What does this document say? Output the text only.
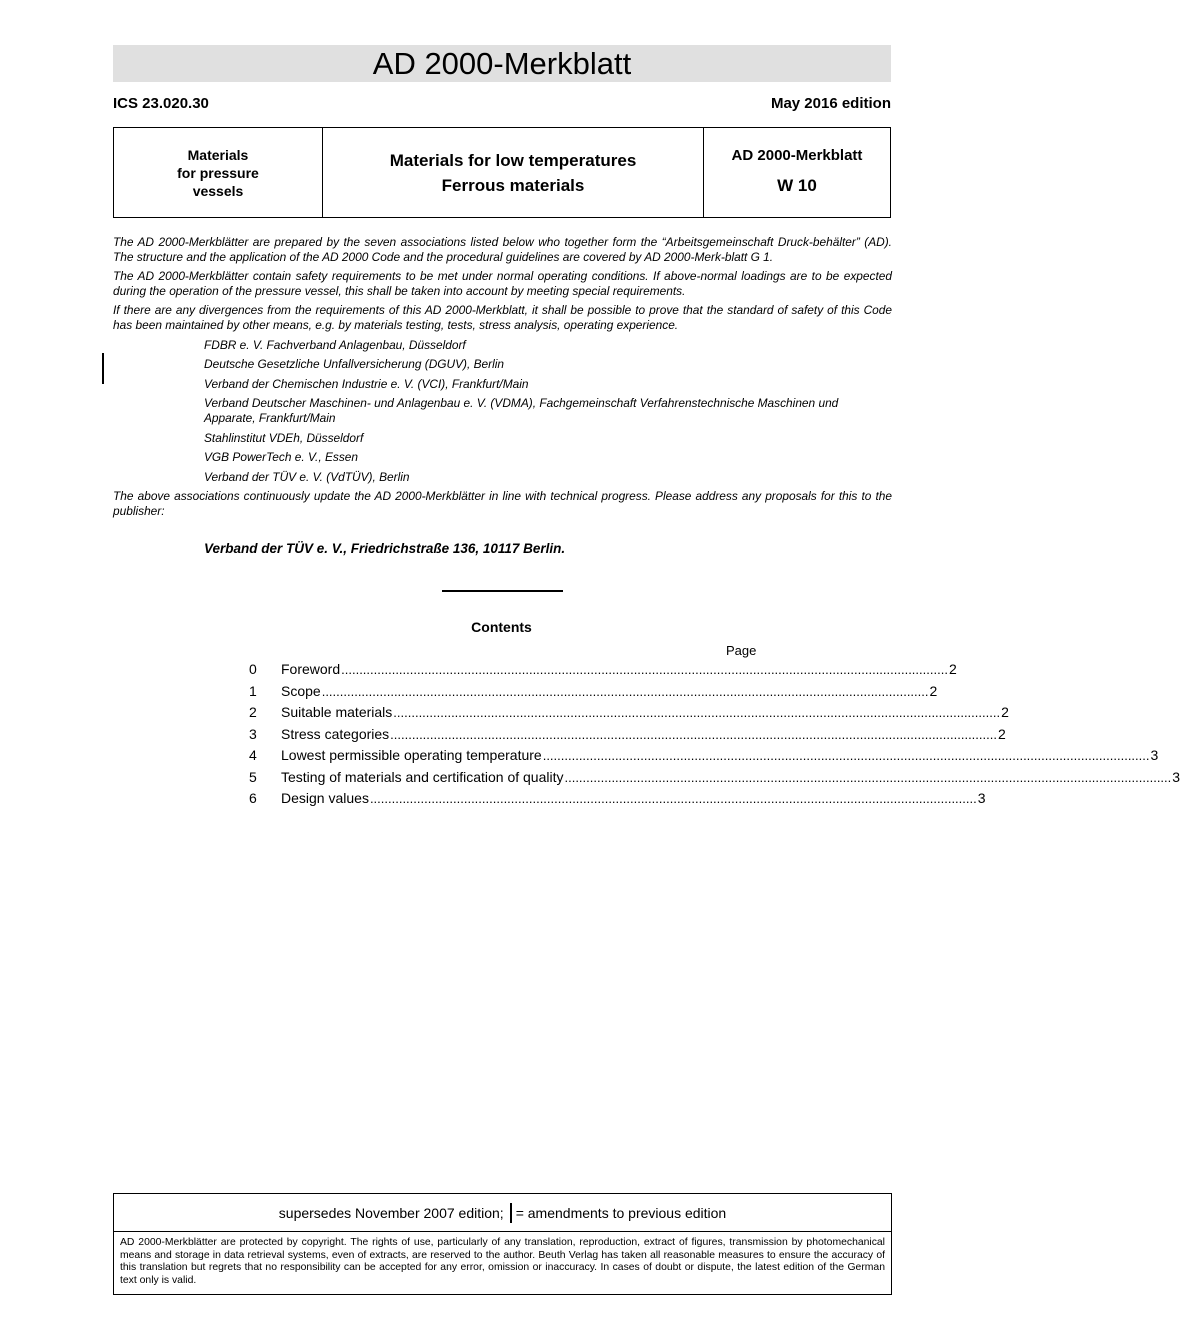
AD 2000-Merkblatt
ICS 23.020.30	May 2016 edition
Materials
for pressure
vessels
Materials for low temperatures
Ferrous materials
AD 2000-Merkblatt
W 10

The AD 2000-Merkblätter are prepared by the seven associations listed below who together form the “Arbeitsgemeinschaft Druck-behälter” (AD). The structure and the application of the AD 2000 Code and the procedural guidelines are covered by AD 2000-Merk-blatt G 1.

The AD 2000-Merkblätter contain safety requirements to be met under normal operating conditions. If above-normal loadings are to be expected during the operation of the pressure vessel, this shall be taken into account by meeting special requirements.

If there are any divergences from the requirements of this AD 2000-Merkblatt, it shall be possible to prove that the standard of safety of this Code has been maintained by other means, e.g. by materials testing, tests, stress analysis, operating experience.

FDBR e. V. Fachverband Anlagenbau, Düsseldorf
Deutsche Gesetzliche Unfallversicherung (DGUV), Berlin
Verband der Chemischen Industrie e. V. (VCI), Frankfurt/Main
Verband Deutscher Maschinen- und Anlagenbau e. V. (VDMA), Fachgemeinschaft Verfahrenstechnische Maschinen und Apparate, Frankfurt/Main
Stahlinstitut VDEh, Düsseldorf
VGB PowerTech e. V., Essen
Verband der TÜV e. V. (VdTÜV), Berlin

The above associations continuously update the AD 2000-Merkblätter in line with technical progress. Please address any proposals for this to the publisher:

Verband der TÜV e. V., Friedrichstraße 136, 10117 Berlin.
Contents
Page
0	Foreword ........................................................................................................................................................................ 2
1	Scope ........................................................................................................................................................................ 2
2	Suitable materials ........................................................................................................................................................................ 2
3	Stress categories ........................................................................................................................................................................ 2
4	Lowest permissible operating temperature ........................................................................................................................................................................ 3
5	Testing of materials and certification of quality ........................................................................................................................................................................ 3
6	Design values ........................................................................................................................................................................ 3
supersedes November 2007 edition; = amendments to previous edition
AD 2000-Merkblätter are protected by copyright. The rights of use, particularly of any translation, reproduction, extract of figures, transmission by photomechanical means and storage in data retrieval systems, even of extracts, are reserved to the author. Beuth Verlag has taken all reasonable measures to ensure the accuracy of this translation but regrets that no responsibility can be accepted for any error, omission or inaccuracy. In cases of doubt or dispute, the latest edition of the German text only is valid.
